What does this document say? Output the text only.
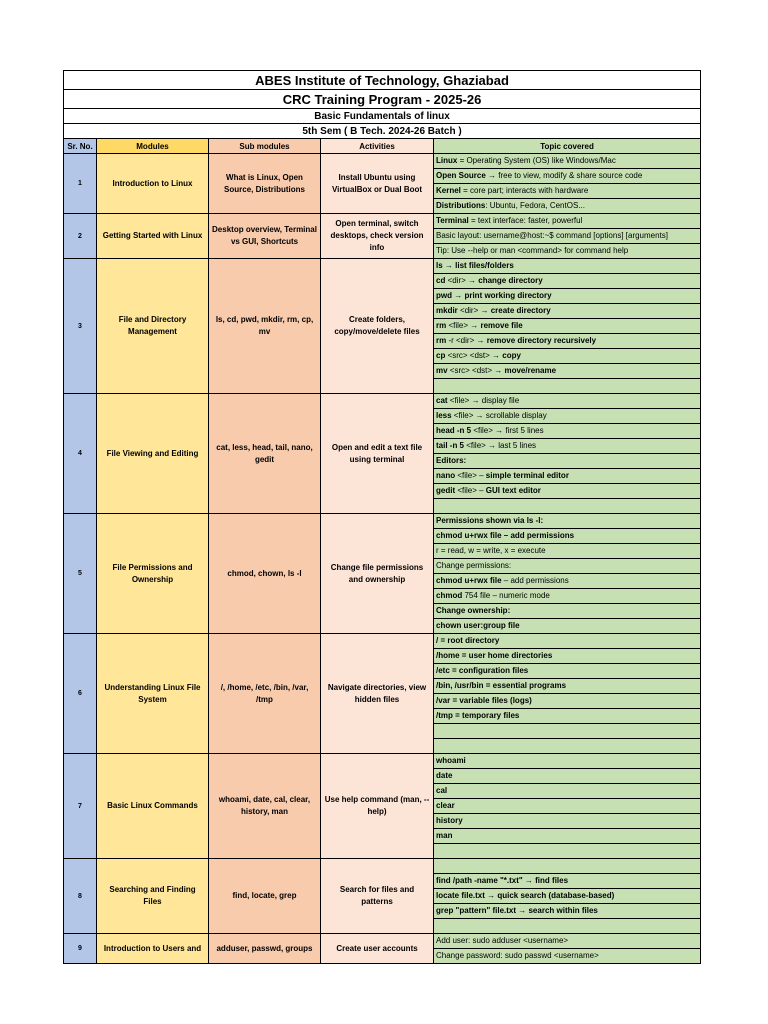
ABES Institute of Technology, Ghaziabad				
CRC Training Program - 2025-26				
Basic Fundamentals of linux				
5th Sem ( B Tech. 2024-26 Batch )				
Sr. No.	Modules	Sub modules	Activities	Topic covered
1	Introduction to Linux	What is Linux, Open Source, Distributions	Install Ubuntu using VirtualBox or Dual Boot	Linux = Operating System (OS) like Windows/Mac
				Open Source → free to view, modify & share source code
				Kernel = core part; interacts with hardware
				Distributions: Ubuntu, Fedora, CentOS...
2	Getting Started with Linux	Desktop overview, Terminal vs GUI, Shortcuts	Open terminal, switch desktops, check version info	Terminal = text interface: faster, powerful
				Basic layout: username@host:~$ command [options] [arguments]
				Tip: Use --help or man <command> for command help
3	File and Directory Management	ls, cd, pwd, mkdir, rm, cp, mv	Create folders, copy/move/delete files	ls → list files/folders
				cd <dir> → change directory
				pwd → print working directory
				mkdir <dir> → create directory
				rm <file> → remove file
				rm -r <dir> → remove directory recursively
				cp <src> <dst> → copy
				mv <src> <dst> → move/rename

4	File Viewing and Editing	cat, less, head, tail, nano, gedit	Open and edit a text file using terminal	cat <file> → display file
				less <file> → scrollable display
				head -n 5 <file> → first 5 lines
				tail -n 5 <file> → last 5 lines
				Editors:
				nano <file> – simple terminal editor
				gedit <file> – GUI text editor

5	File Permissions and Ownership	chmod, chown, ls -l	Change file permissions and ownership	Permissions shown via ls -l:
				chmod u+rwx file – add permissions
				r = read, w = write, x = execute
				Change permissions:
				chmod u+rwx file – add permissions
				chmod 754 file – numeric mode
				Change ownership:
				chown user:group file
6	Understanding Linux File System	/, /home, /etc, /bin, /var, /tmp	Navigate directories, view hidden files	/ = root directory
				/home = user home directories
				/etc = configuration files
				/bin, /usr/bin = essential programs
				/var = variable files (logs)
				/tmp = temporary files

7	Basic Linux Commands	whoami, date, cal, clear, history, man	Use help command (man, --help)	whoami
				date
				cal
				clear
				history
				man

8	Searching and Finding Files	find, locate, grep	Search for files and patterns	
				find /path -name "*.txt" → find files
				locate file.txt → quick search (database-based)
				grep "pattern" file.txt → search within files

9	Introduction to Users and	adduser, passwd, groups	Create user accounts	Add user: sudo adduser <username>
				Change password: sudo passwd <username>
